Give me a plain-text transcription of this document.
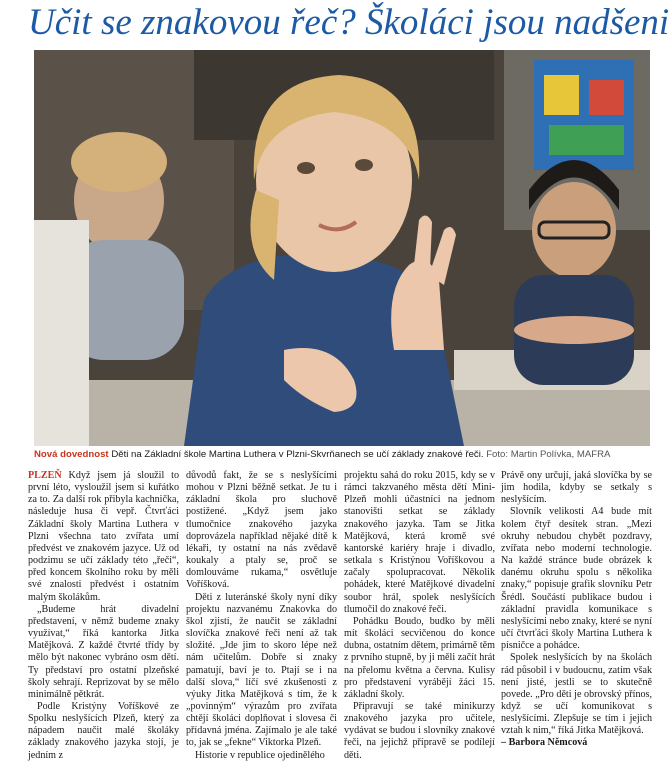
Učit se znakovou řeč? Školáci jsou nadšeni
Nová dovednost Děti na Základní škole Martina Luthera v Plzni-Skvrňanech se učí základy znakové řeči. Foto: Martin Polívka, MAFRA

PLZEŇ Když jsem já sloužil to první léto, vysloužil jsem si kuřátko za to. Za další rok přibyla kachnička, následuje husa či vepř. Čtvrťáci Základní školy Martina Luthera v Plzni všechna tato zvířata umí předvést ve znakovém jazyce. Už od podzimu se učí základy této „řeči“, před koncem školního roku by měli své znalosti předvést i ostatním malým školákům.

„Budeme hrát divadelní představení, v němž budeme znaky využívat,“ říká kantorka Jitka Matějková. Z každé čtvrté třídy by mělo být nakonec vybráno osm dětí. Ty představí pro ostatní plzeňské školy sehrají. Reprizovat by se mělo minimálně pětkrát.

Podle Kristýny Voříškové ze Spolku neslyšících Plzeň, který za nápadem naučit malé školáky základy znakového jazyka stojí, je jedním z

důvodů fakt, že se s neslyšícími mohou v Plzni běžně setkat. Je tu i základní škola pro sluchově postižené. „Když jsem jako tlumočnice znakového jazyka doprovázela například nějaké dítě k lékaři, ty ostatní na nás zvědavě koukaly a ptaly se, proč se domlouváme rukama,“ osvětluje Voříšková.

Děti z luteránské školy nyní díky projektu nazvanému Znakovka do škol zjistí, že naučit se základní slovíčka znakové řeči není až tak složité. „Jde jim to skoro lépe než nám učitelům. Dobře si znaky pamatují, baví je to. Ptají se i na další slova,“ líčí své zkušenosti z výuky Jitka Matějková s tím, že k „povinným“ výrazům pro zvířata chtějí školáci doplňovat i slovesa či přídavná jména. Zajímalo je ale také to, jak se „fekne“ Viktorka Plzeň.

Historie v republice ojedinělého

projektu sahá do roku 2015, kdy se v rámci takzvaného města dětí Mini-Plzeň mohli účastníci na jednom stanovišti setkat se základy znakového jazyka. Tam se Jitka Matějková, která kromě své kantorské kariéry hraje i divadlo, setkala s Kristýnou Voříškovou a začaly spolupracovat. Několik pohádek, které Matějkové divadelní soubor hrál, spolek neslyšících tlumočil do znakové řeči.

Pohádku Boudo, budko by měli mít školáci secvičenou do konce dubna, ostatním dětem, primárně těm z prvního stupně, by ji měli začít hrát na přelomu května a června. Kulisy pro představení vyrábějí žáci 15. základní školy.

Připravují se také minikurzy znakového jazyka pro učitele, vydávat se budou i slovníky znakové řeči, na jejichž přípravě se podílejí děti.

Právě ony určují, jaká slovíčka by se jim hodila, kdyby se setkaly s neslyšícím.

Slovník velikosti A4 bude mít kolem čtyř desítek stran. „Mezi okruhy nebudou chybět pozdravy, zvířata nebo moderní technologie. Na každé stránce bude obrázek k danému okruhu spolu s několika znaky,“ popisuje grafik slovníku Petr Šrédl. Součástí publikace budou i základní pravidla komunikace s neslyšícími nebo znaky, které se nyní učí čtvrťáci školy Martina Luthera k písničce a pohádce.

Spolek neslyšících by na školách rád působil i v budoucnu, zatím však není jisté, jestli se to skutečně povede. „Pro děti je obrovský přínos, když se učí komunikovat s neslyšícími. Zlepšuje se tím i jejich vztah k nim,“ říká Jitka Matějková.

– Barbora Němcová
